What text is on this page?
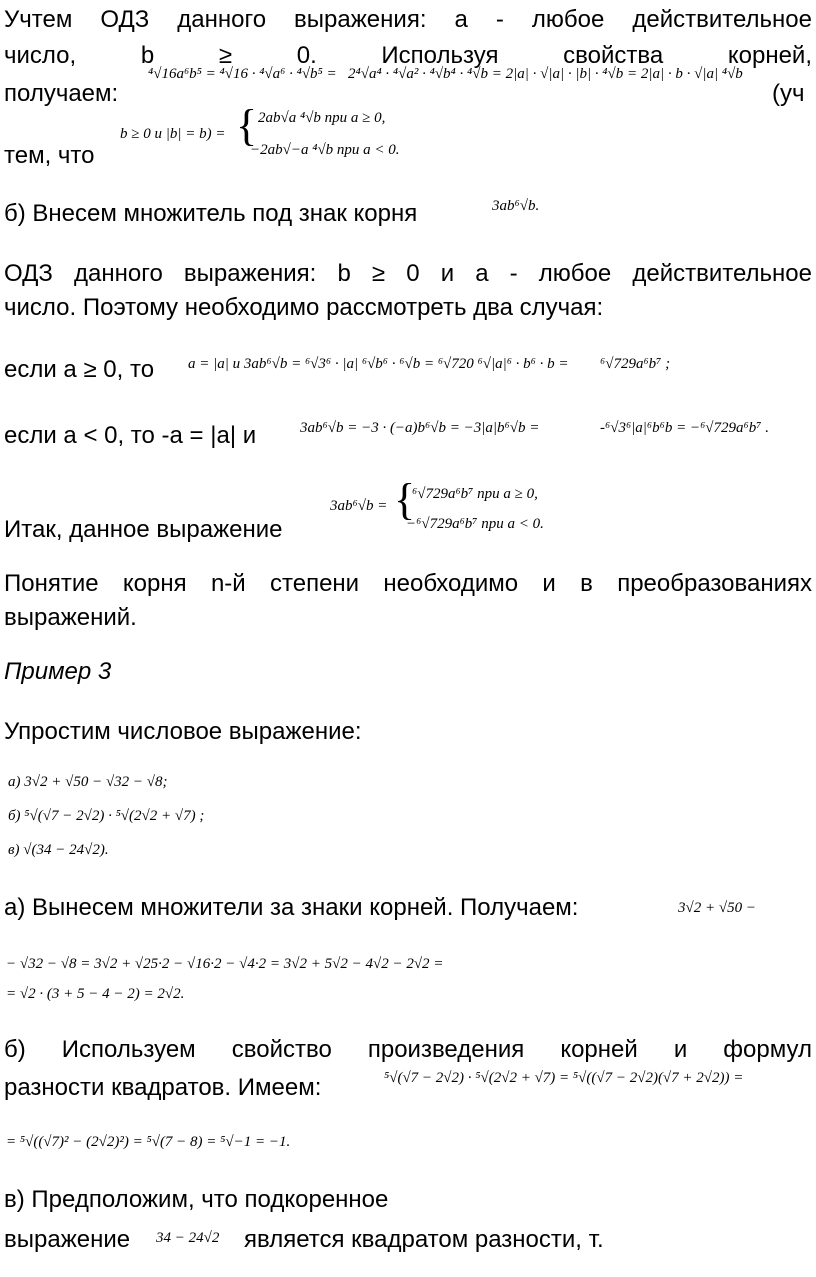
Учтем ОДЗ данного выражения: a - любое действительное
число, b ≥ 0. Используя свойства корней,
получаем:
⁴√16a⁶b⁵ = ⁴√16 · ⁴√a⁶ · ⁴√b⁵ = 2⁴√a⁴ · ⁴√a² · ⁴√b⁴ · ⁴√b = 2|a| · √|a| · |b| · ⁴√b = 2|a| · b · √|a| ⁴√b
(уч
b ≥ 0 и |b| = b) = { 2ab√a ⁴√b при a ≥ 0,
−2ab√−a ⁴√b при a < 0.
тем, что
б) Внесем множитель под знак корня	3ab⁶√b.
ОДЗ данного выражения: b ≥ 0 и a - любое действительное
число. Поэтому необходимо рассмотреть два случая:
если a ≥ 0, то a = |a| и 3ab⁶√b = ⁶√3⁶ · |a| ⁶√b⁶ · ⁶√b = ⁶√720 ⁶√|a|⁶ · b⁶ · b = ⁶√729a⁶b⁷ ;
если a < 0, то -a = |a| и	3ab⁶√b = −3 · (−a)b⁶√b = −3|a|b⁶√b =	-⁶√3⁶|a|⁶b⁶b = −⁶√729a⁶b⁷ .
Итак, данное выражение
3ab⁶√b = {
⁶√729a⁶b⁷ при a ≥ 0,
−⁶√729a⁶b⁷ при a < 0.
Понятие корня n-й степени необходимо и в преобразованиях
выражений.
Пример 3
Упростим числовое выражение:
а) 3√2 + √50 − √32 − √8;
б) ⁵√(√7 − 2√2) · ⁵√(2√2 + √7) ;
в) √(34 − 24√2).
а) Вынесем множители за знаки корней. Получаем:	3√2 + √50 −
− √32 − √8 = 3√2 + √25·2 − √16·2 − √4·2 = 3√2 + 5√2 − 4√2 − 2√2 =
= √2 · (3 + 5 − 4 − 2) = 2√2.
б) Используем свойство произведения корней и формул
разности квадратов. Имеем:	⁵√(√7 − 2√2) · ⁵√(2√2 + √7) = ⁵√((√7 − 2√2)(√7 + 2√2)) =
= ⁵√((√7)² − (2√2)²) = ⁵√(7 − 8) = ⁵√−1 = −1.
в) Предположим, что подкоренное
выражение 34 − 24√2 является квадратом разности, т.
